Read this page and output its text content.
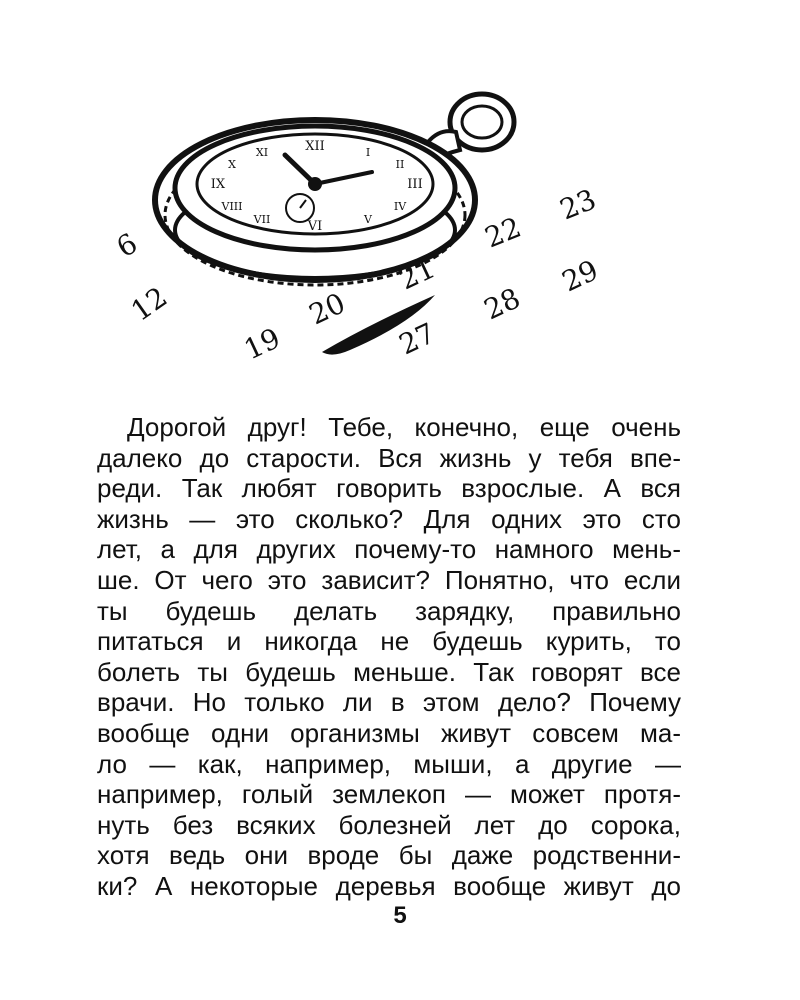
XII
III
VI
IX
I
II
IV
V
VII
VIII
X
XI
6
12
19
20
21
22
23
27
28
29
Дорогой друг! Тебе, конечно, еще очень
далеко до старости. Вся жизнь у тебя впе-
реди. Так любят говорить взрослые. А вся
жизнь — это сколько? Для одних это сто
лет, а для других почему-то намного мень-
ше. От чего это зависит? Понятно, что если
ты будешь делать зарядку, правильно
питаться и никогда не будешь курить, то
болеть ты будешь меньше. Так говорят все
врачи. Но только ли в этом дело? Почему
вообще одни организмы живут совсем ма-
ло — как, например, мыши, а другие —
например, голый землекоп — может протя-
нуть без всяких болезней лет до сорока,
хотя ведь они вроде бы даже родственни-
ки? А некоторые деревья вообще живут до
5
